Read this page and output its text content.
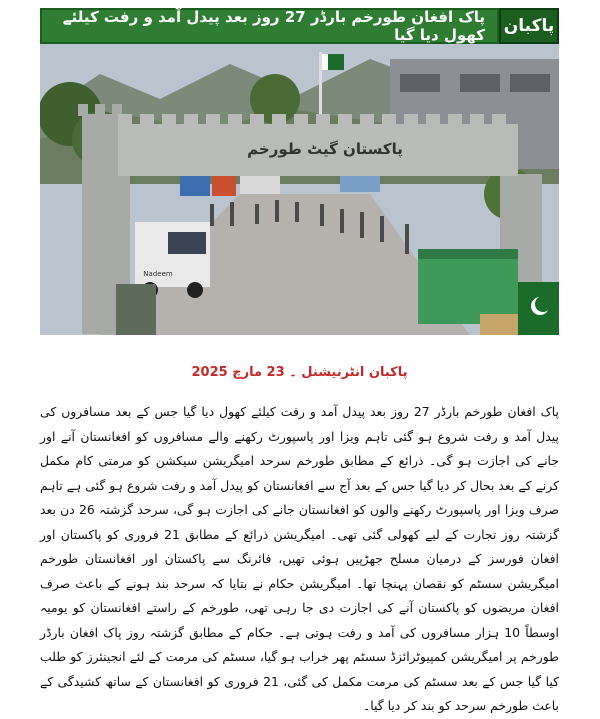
پاک افغان طورخم بارڈر 27 روز بعد پیدل آمد و رفت کیلئے کھول دیا گیا	پاکبان
پاکستان گیٹ طورخم
Nadeem
پاکبان انٹرنیشنل ۔ 23 مارچ 2025
پاک افغان طورخم بارڈر 27 روز بعد پیدل آمد و رفت کیلئے کھول دیا گیا جس کے بعد مسافروں کی پیدل آمد و رفت شروع ہو گئی تاہم ویزا اور پاسپورٹ رکھنے والے مسافروں کو افغانستان آنے اور جانے کی اجازت ہو گی۔ ذرائع کے مطابق طورخم سرحد امیگریشن سیکشن کو مرمتی کام مکمل کرنے کے بعد بحال کر دیا گیا جس کے بعد آج سے افغانستان کو پیدل آمد و رفت شروع ہو گئی ہے تاہم صرف ویزا اور پاسپورٹ رکھنے والوں کو افغانستان جانے کی اجازت ہو گی، سرحد گزشتہ 26 دن بعد گزشتہ روز تجارت کے لیے کھولی گئی تھی۔ امیگریشن ذرائع کے مطابق 21 فروری کو پاکستان اور افغان فورسز کے درمیان مسلح جھڑپیں ہوئی تھیں، فائرنگ سے پاکستان اور افغانستان طورخم امیگریشن سسٹم کو نقصان پہنچا تھا۔ امیگریشن حکام نے بتایا کہ سرحد بند ہونے کے باعث صرف افغان مریضوں کو پاکستان آنے کی اجازت دی جا رہی تھی، طورخم کے راستے افغانستان کو یومیہ اوسطاً 10 ہزار مسافروں کی آمد و رفت ہوتی ہے۔ حکام کے مطابق گزشتہ روز پاک افغان بارڈر طورخم پر امیگریشن کمپیوٹرائزڈ سسٹم پھر خراب ہو گیا، سسٹم کی مرمت کے لئے انجینئرز کو طلب کیا گیا جس کے بعد سسٹم کی مرمت مکمل کی گئی، 21 فروری کو افغانستان کے ساتھ کشیدگی کے باعث طورخم سرحد کو بند کر دیا گیا۔
